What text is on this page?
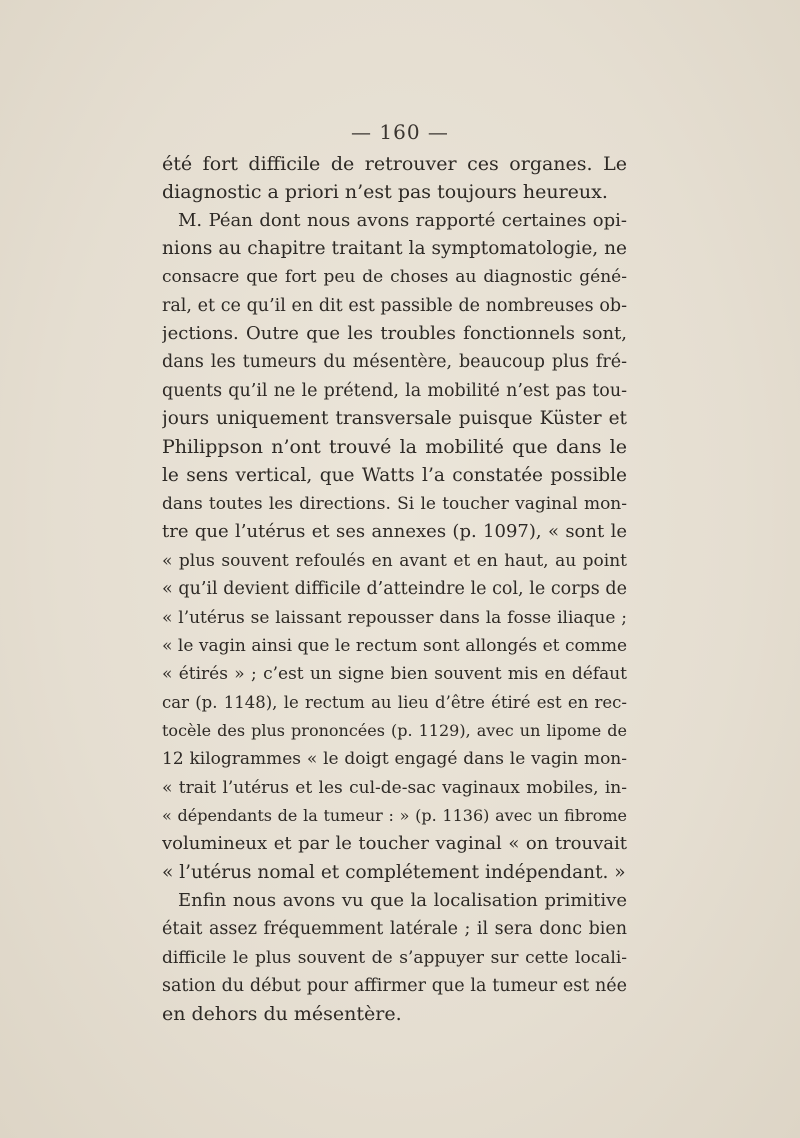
— 160 —
été fort difficile de retrouver ces organes. Le
diagnostic a priori n’est pas toujours heureux.
M. Péan dont nous avons rapporté certaines opi-
nions au chapitre traitant la symptomatologie, ne
consacre que fort peu de choses au diagnostic géné-
ral, et ce qu’il en dit est passible de nombreuses ob-
jections. Outre que les troubles fonctionnels sont,
dans les tumeurs du mésentère, beaucoup plus fré-
quents qu’il ne le prétend, la mobilité n’est pas tou-
jours uniquement transversale puisque Küster et
Philippson n’ont trouvé la mobilité que dans le
le sens vertical, que Watts l’a constatée possible
dans toutes les directions. Si le toucher vaginal mon-
tre que l’utérus et ses annexes (p. 1097), « sont le
« plus souvent refoulés en avant et en haut, au point
« qu’il devient difficile d’atteindre le col, le corps de
« l’utérus se laissant repousser dans la fosse iliaque ;
« le vagin ainsi que le rectum sont allongés et comme
« étirés » ; c’est un signe bien souvent mis en défaut
car (p. 1148), le rectum au lieu d’être étiré est en rec-
tocèle des plus prononcées (p. 1129), avec un lipome de
12 kilogrammes « le doigt engagé dans le vagin mon-
« trait l’utérus et les cul-de-sac vaginaux mobiles, in-
« dépendants de la tumeur : » (p. 1136) avec un fibrome
volumineux et par le toucher vaginal « on trouvait
« l’utérus nomal et complétement indépendant. »
Enfin nous avons vu que la localisation primitive
était assez fréquemment latérale ; il sera donc bien
difficile le plus souvent de s’appuyer sur cette locali-
sation du début pour affirmer que la tumeur est née
en dehors du mésentère.
